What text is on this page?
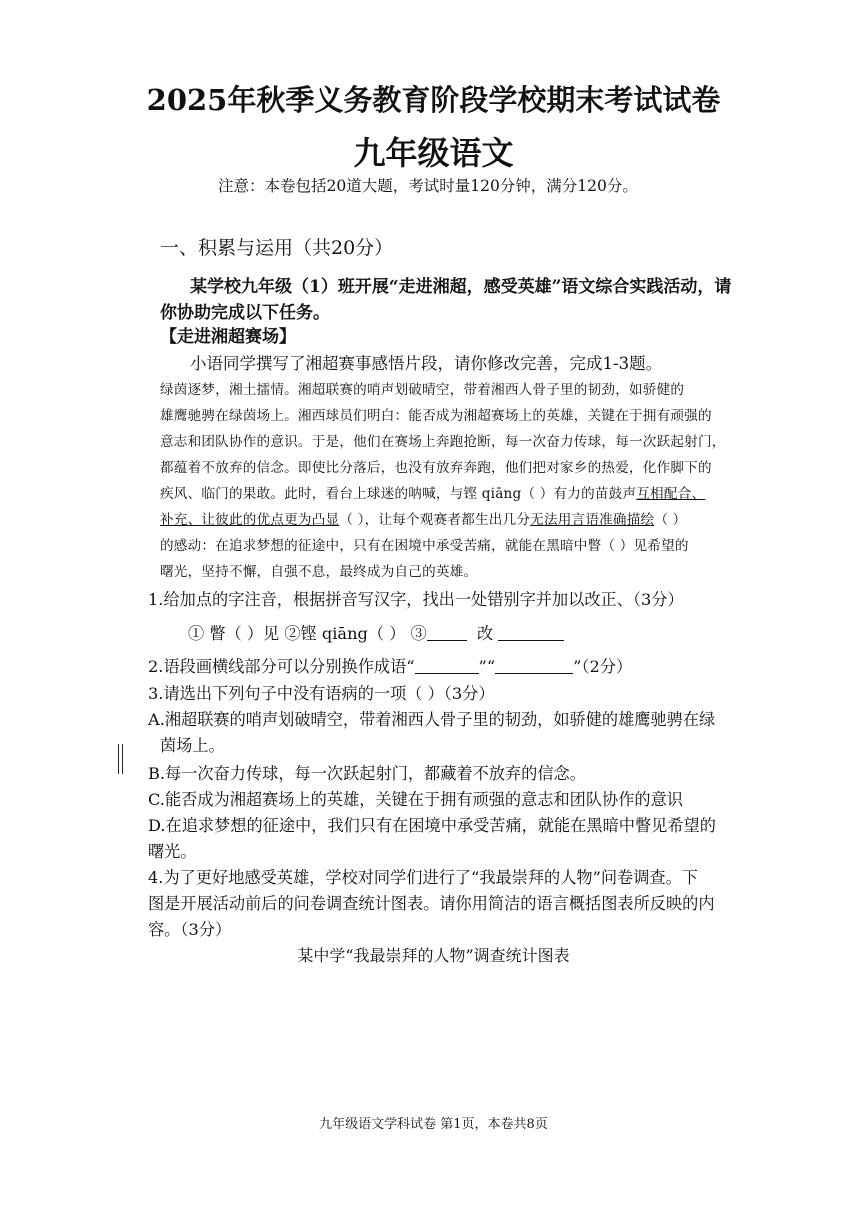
2025年秋季义务教育阶段学校期末考试试卷
九年级语文
注意：本卷包括20道大题，考试时量120分钟，满分120分。
一、积累与运用（共20分）
某学校九年级（1）班开展“走进湘超，感受英雄”语文综合实践活动，请
你协助完成以下任务。
【走进湘超赛场】
小语同学撰写了湘超赛事感悟片段，请你修改完善，完成1-3题。
绿茵逐梦，湘土擂情。湘超联赛的哨声划破晴空，带着湘西人骨子里的韧劲，如骄健的
雄鹰驰骋在绿茵场上。湘西球员们明白：能否成为湘超赛场上的英雄，关键在于拥有顽强的
意志和团队协作的意识。于是，他们在赛场上奔跑抢断，每一次奋力传球，每一次跃起射门，
都蕴着不放弃的信念。即使比分落后，也没有放弃奔跑，他们把对家乡的热爱，化作脚下的
疾风、临门的果敢。此时，看台上球迷的呐喊，与铿 qiāng（ ）有力的苗鼓声互相配合、
补充、让彼此的优点更为凸显（ ），让每个观赛者都生出几分无法用言语准确描绘（ ）
的感动：在追求梦想的征途中，只有在困境中承受苦痛，就能在黑暗中瞥（ ）见希望的
曙光，坚持不懈，自强不息，最终成为自己的英雄。
1.给加点的字注音，根据拼音写汉字，找出一处错别字并加以改正、（3分）
① 瞥（ ）见 ②铿 qiāng（ ） ③	改
2.语段画横线部分可以分别换作成语“	”“	”（2分）
3.请选出下列句子中没有语病的一项（ ）（3分）
A.湘超联赛的哨声划破晴空，带着湘西人骨子里的韧劲，如骄健的雄鹰驰骋在绿
茵场上。
B.每一次奋力传球，每一次跃起射门，都藏着不放弃的信念。
C.能否成为湘超赛场上的英雄，关键在于拥有顽强的意志和团队协作的意识
D.在追求梦想的征途中，我们只有在困境中承受苦痛，就能在黑暗中瞥见希望的
曙光。
4.为了更好地感受英雄，学校对同学们进行了“我最崇拜的人物”问卷调查。下
图是开展活动前后的问卷调查统计图表。请你用简洁的语言概括图表所反映的内
容。（3分）
某中学“我最崇拜的人物”调查统计图表
九年级语文学科试卷 第1页，本卷共8页
